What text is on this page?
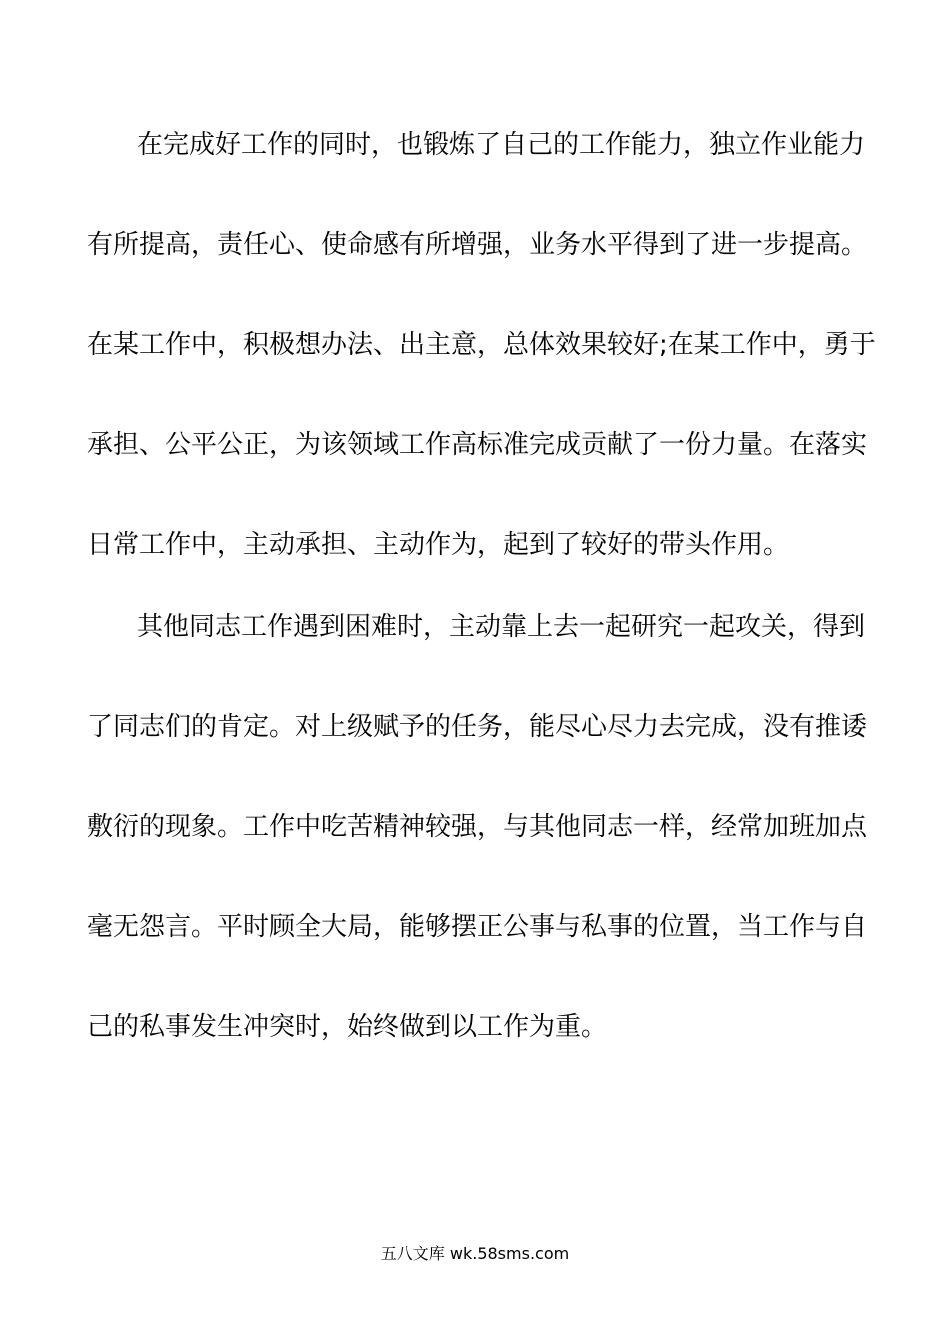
在完成好工作的同时，也锻炼了自己的工作能力，独立作业能力
有所提高，责任心、使命感有所增强，业务水平得到了进一步提高。
在某工作中，积极想办法、出主意，总体效果较好;在某工作中，勇于
承担、公平公正，为该领域工作高标准完成贡献了一份力量。在落实
日常工作中，主动承担、主动作为，起到了较好的带头作用。
其他同志工作遇到困难时，主动靠上去一起研究一起攻关，得到
了同志们的肯定。对上级赋予的任务，能尽心尽力去完成，没有推诿
敷衍的现象。工作中吃苦精神较强，与其他同志一样，经常加班加点
毫无怨言。平时顾全大局，能够摆正公事与私事的位置，当工作与自
己的私事发生冲突时，始终做到以工作为重。
五八文库 wk.58sms.com
